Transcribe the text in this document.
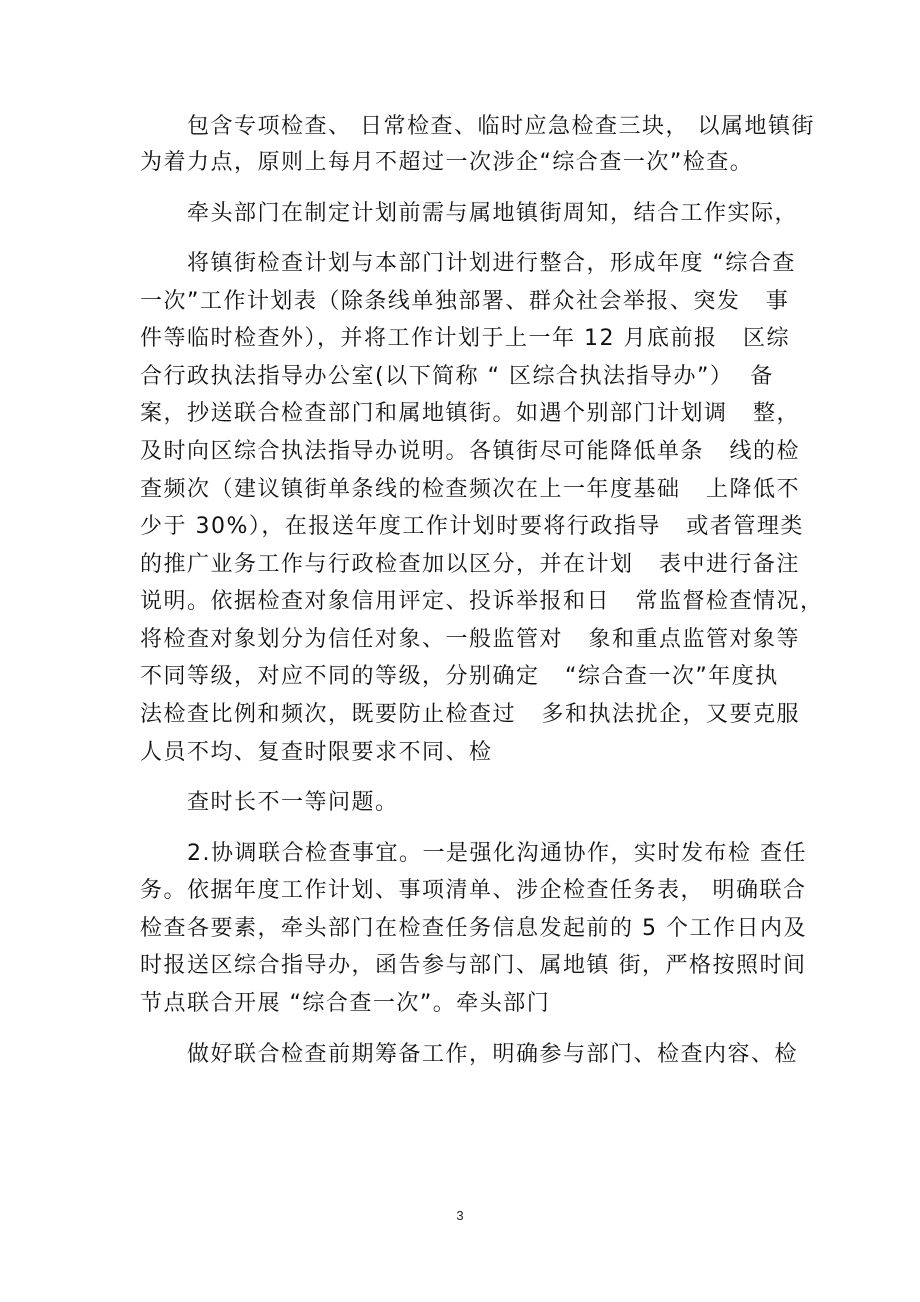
包含专项检查、 日常检查、临时应急检查三块， 以属地镇街
为着力点，原则上每月不超过一次涉企“综合查一次”检查。
牵头部门在制定计划前需与属地镇街周知，结合工作实际，
将镇街检查计划与本部门计划进行整合，形成年度 “综合查
一次”工作计划表（除条线单独部署、群众社会举报、突发   事
件等临时检查外），并将工作计划于上一年 12 月底前报   区综
合行政执法指导办公室(以下简称 “ 区综合执法指导办”）  备
案，抄送联合检查部门和属地镇街。如遇个别部门计划调   整，
及时向区综合执法指导办说明。各镇街尽可能降低单条   线的检
查频次（建议镇街单条线的检查频次在上一年度基础   上降低不
少于 30%），在报送年度工作计划时要将行政指导   或者管理类
的推广业务工作与行政检查加以区分，并在计划   表中进行备注
说明。依据检查对象信用评定、投诉举报和日   常监督检查情况，
将检查对象划分为信任对象、一般监管对   象和重点监管对象等
不同等级，对应不同的等级，分别确定   “综合查一次”年度执
法检查比例和频次，既要防止检查过   多和执法扰企，又要克服
人员不均、复查时限要求不同、检
查时长不一等问题。
2.协调联合检查事宜。一是强化沟通协作，实时发布检 查任
务。依据年度工作计划、事项清单、涉企检查任务表， 明确联合
检查各要素，牵头部门在检查任务信息发起前的 5 个工作日内及
时报送区综合指导办，函告参与部门、属地镇 街，严格按照时间
节点联合开展 “综合查一次”。牵头部门
做好联合检查前期筹备工作，明确参与部门、检查内容、检
3
